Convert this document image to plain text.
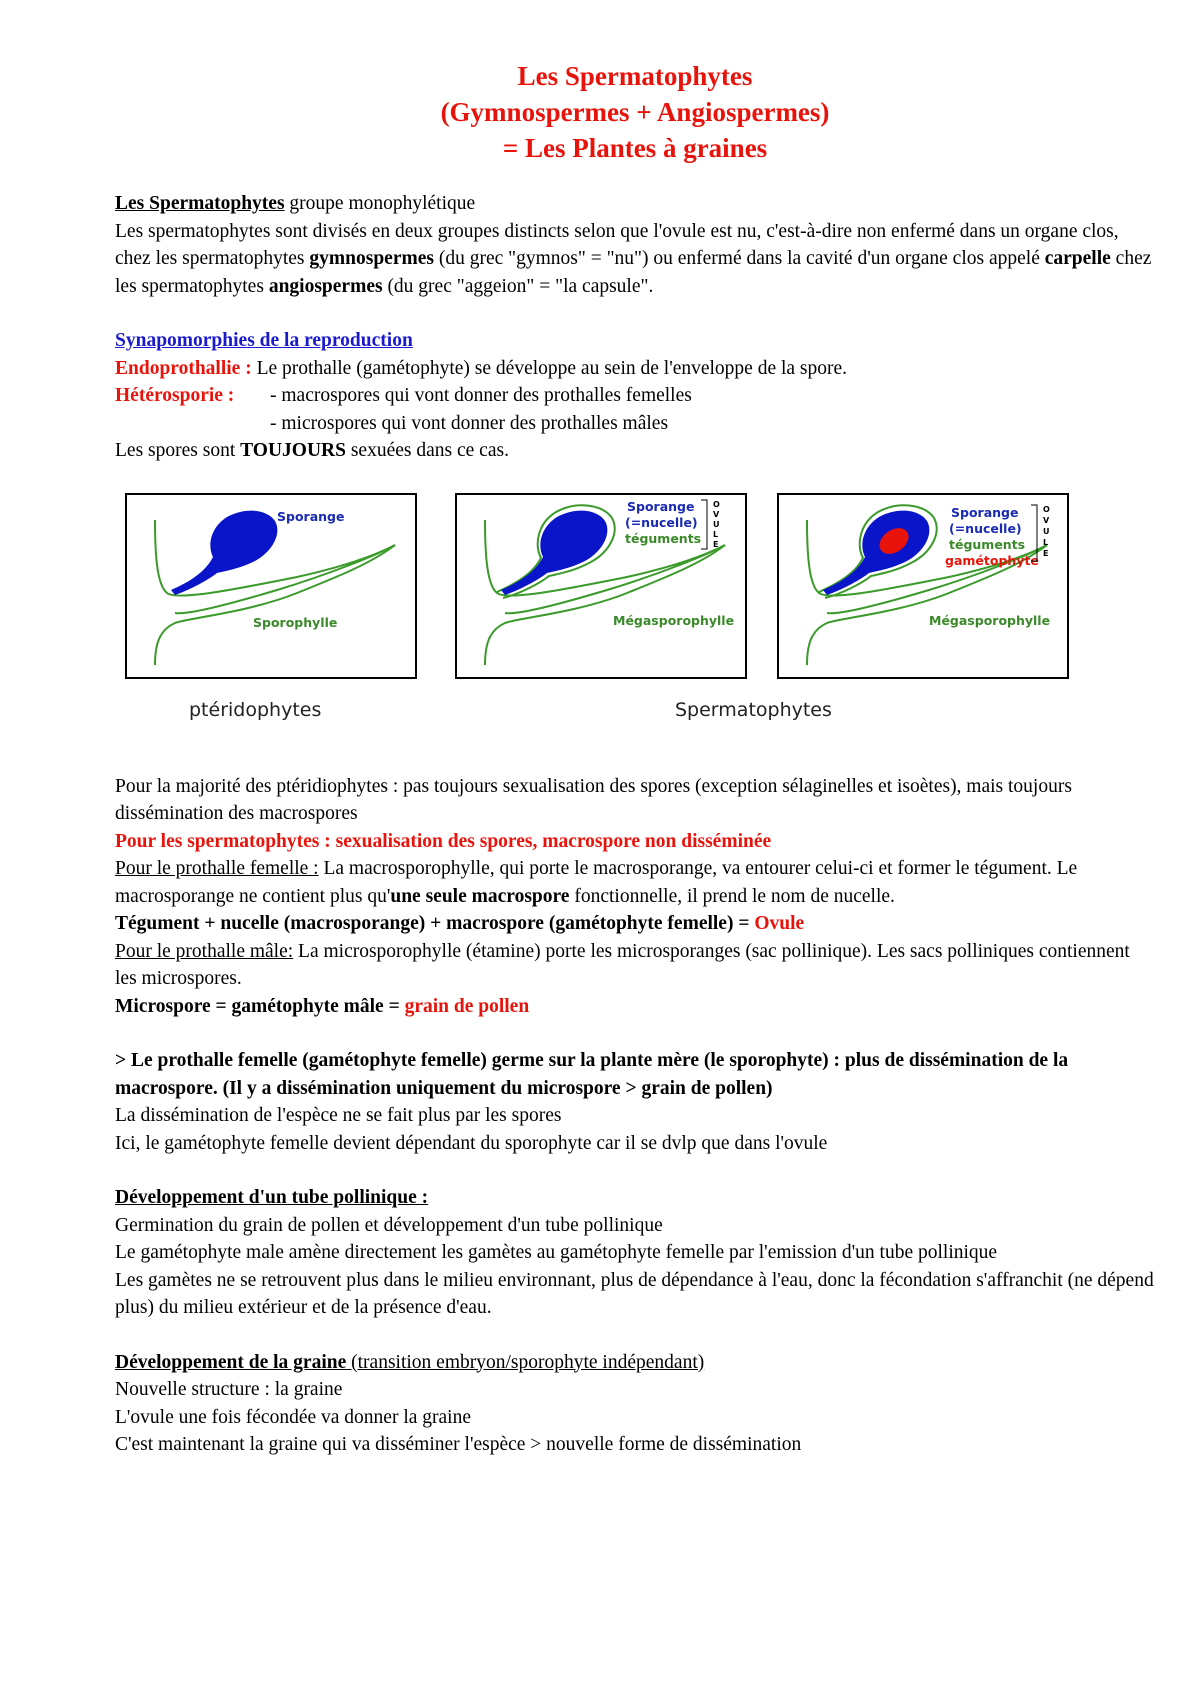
Les Spermatophytes
(Gymnospermes + Angiospermes)
= Les Plantes à graines

Les Spermatophytes groupe monophylétique

Les spermatophytes sont divisés en deux groupes distincts selon que l'ovule est nu, c'est-à-dire non enfermé dans un organe clos, chez les spermatophytes gymnospermes (du grec "gymnos" = "nu") ou enfermé dans la cavité d'un organe clos appelé carpelle chez les spermatophytes angiospermes (du grec "aggeion" = "la capsule".

Synapomorphies de la reproduction

Endoprothallie : Le prothalle (gamétophyte) se développe au sein de l'enveloppe de la spore.

Hétérosporie :	- macrospores qui vont donner des prothalles femelles

- microspores qui vont donner des prothalles mâles

Les spores sont TOUJOURS sexuées dans ce cas.

Sporange
Sporophylle
Sporange
(=nucelle)
téguments
O
V
U
L
E
Mégasporophylle
Sporange
(=nucelle)
téguments
gamétophyte
O
V
U
L
E
Mégasporophylle
ptéridophytes	Spermatophytes

Pour la majorité des ptéridiophytes : pas toujours sexualisation des spores (exception sélaginelles et isoètes), mais toujours dissémination des macrospores

Pour les spermatophytes : sexualisation des spores, macrospore non disséminée

Pour le prothalle femelle : La macrosporophylle, qui porte le macrosporange, va entourer celui-ci et former le tégument. Le macrosporange ne contient plus qu'une seule macrospore fonctionnelle, il prend le nom de nucelle.

Tégument + nucelle (macrosporange) + macrospore (gamétophyte femelle) = Ovule

Pour le prothalle mâle: La microsporophylle (étamine) porte les microsporanges (sac pollinique). Les sacs polliniques contiennent les microspores.

Microspore = gamétophyte mâle = grain de pollen

> Le prothalle femelle (gamétophyte femelle) germe sur la plante mère (le sporophyte) : plus de dissémination de la macrospore. (Il y a dissémination uniquement du microspore > grain de pollen)

La dissémination de l'espèce ne se fait plus par les spores

Ici, le gamétophyte femelle devient dépendant du sporophyte car il se dvlp que dans l'ovule

Développement d'un tube pollinique :

Germination du grain de pollen et développement d'un tube pollinique

Le gamétophyte male amène directement les gamètes au gamétophyte femelle par l'emission d'un tube pollinique

Les gamètes ne se retrouvent plus dans le milieu environnant, plus de dépendance à l'eau, donc la fécondation s'affranchit (ne dépend plus) du milieu extérieur et de la présence d'eau.

Développement de la graine (transition embryon/sporophyte indépendant)

Nouvelle structure : la graine

L'ovule une fois fécondée va donner la graine

C'est maintenant la graine qui va disséminer l'espèce > nouvelle forme de dissémination
